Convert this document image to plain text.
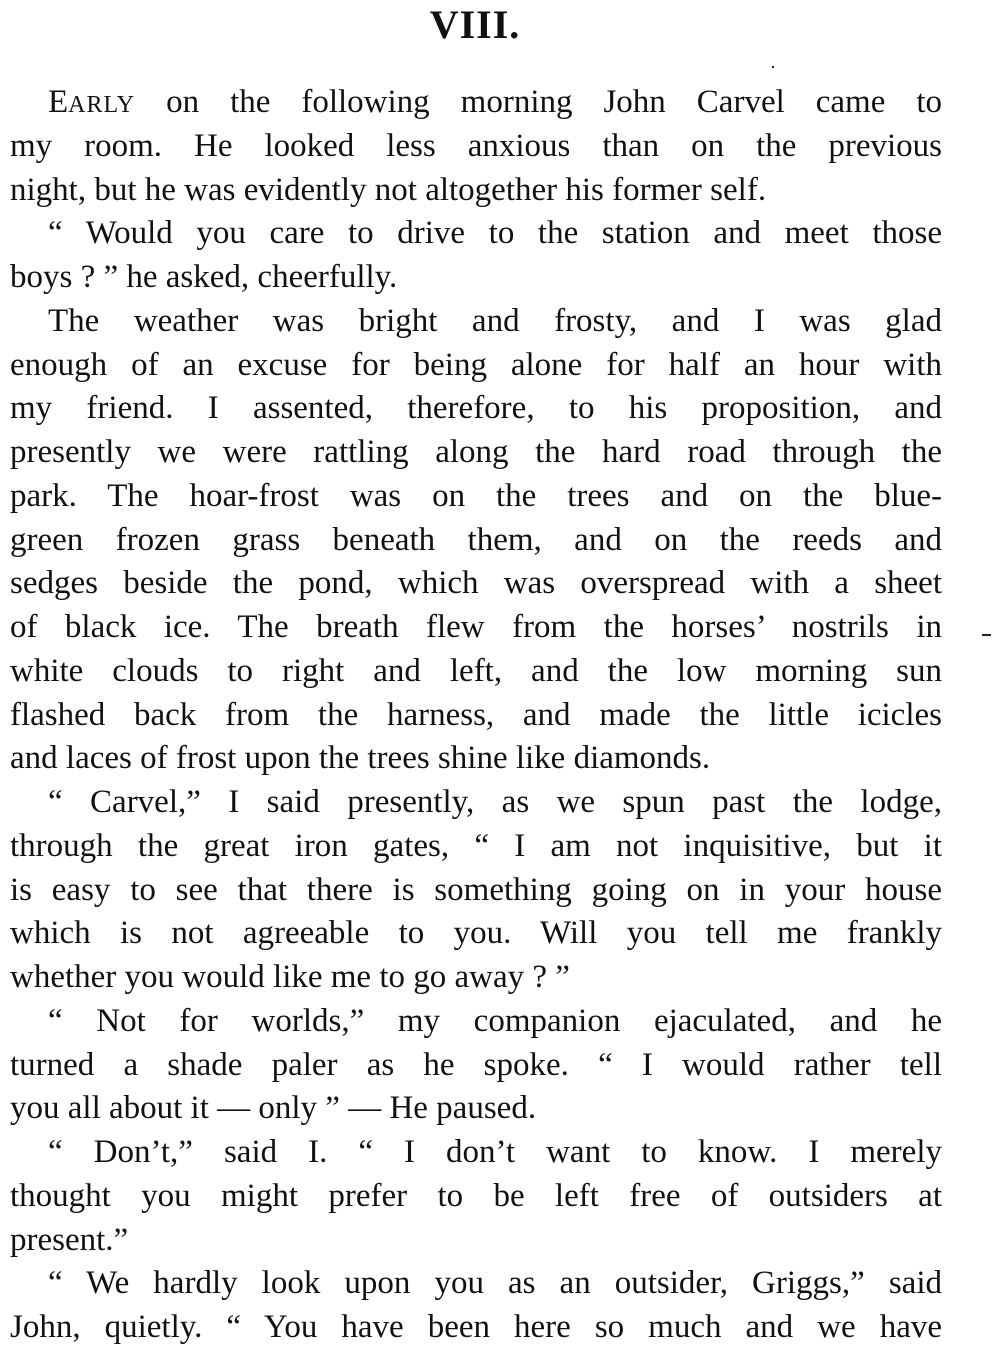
VIII.
EARLY on the following morning John Carvel came to
my room. He looked less anxious than on the previous
night, but he was evidently not altogether his former self.
“ Would you care to drive to the station and meet those
boys ? ” he asked, cheerfully.
The weather was bright and frosty, and I was glad
enough of an excuse for being alone for half an hour with
my friend. I assented, therefore, to his proposition, and
presently we were rattling along the hard road through the
park. The hoar-frost was on the trees and on the blue-
green frozen grass beneath them, and on the reeds and
sedges beside the pond, which was overspread with a sheet
of black ice. The breath flew from the horses’ nostrils in
white clouds to right and left, and the low morning sun
flashed back from the harness, and made the little icicles
and laces of frost upon the trees shine like diamonds.
“ Carvel,” I said presently, as we spun past the lodge,
through the great iron gates, “ I am not inquisitive, but it
is easy to see that there is something going on in your house
which is not agreeable to you. Will you tell me frankly
whether you would like me to go away ? ”
“ Not for worlds,” my companion ejaculated, and he
turned a shade paler as he spoke. “ I would rather tell
you all about it — only ” — He paused.
“ Don’t,” said I. “ I don’t want to know. I merely
thought you might prefer to be left free of outsiders at
present.”
“ We hardly look upon you as an outsider, Griggs,” said
John, quietly. “ You have been here so much and we have
